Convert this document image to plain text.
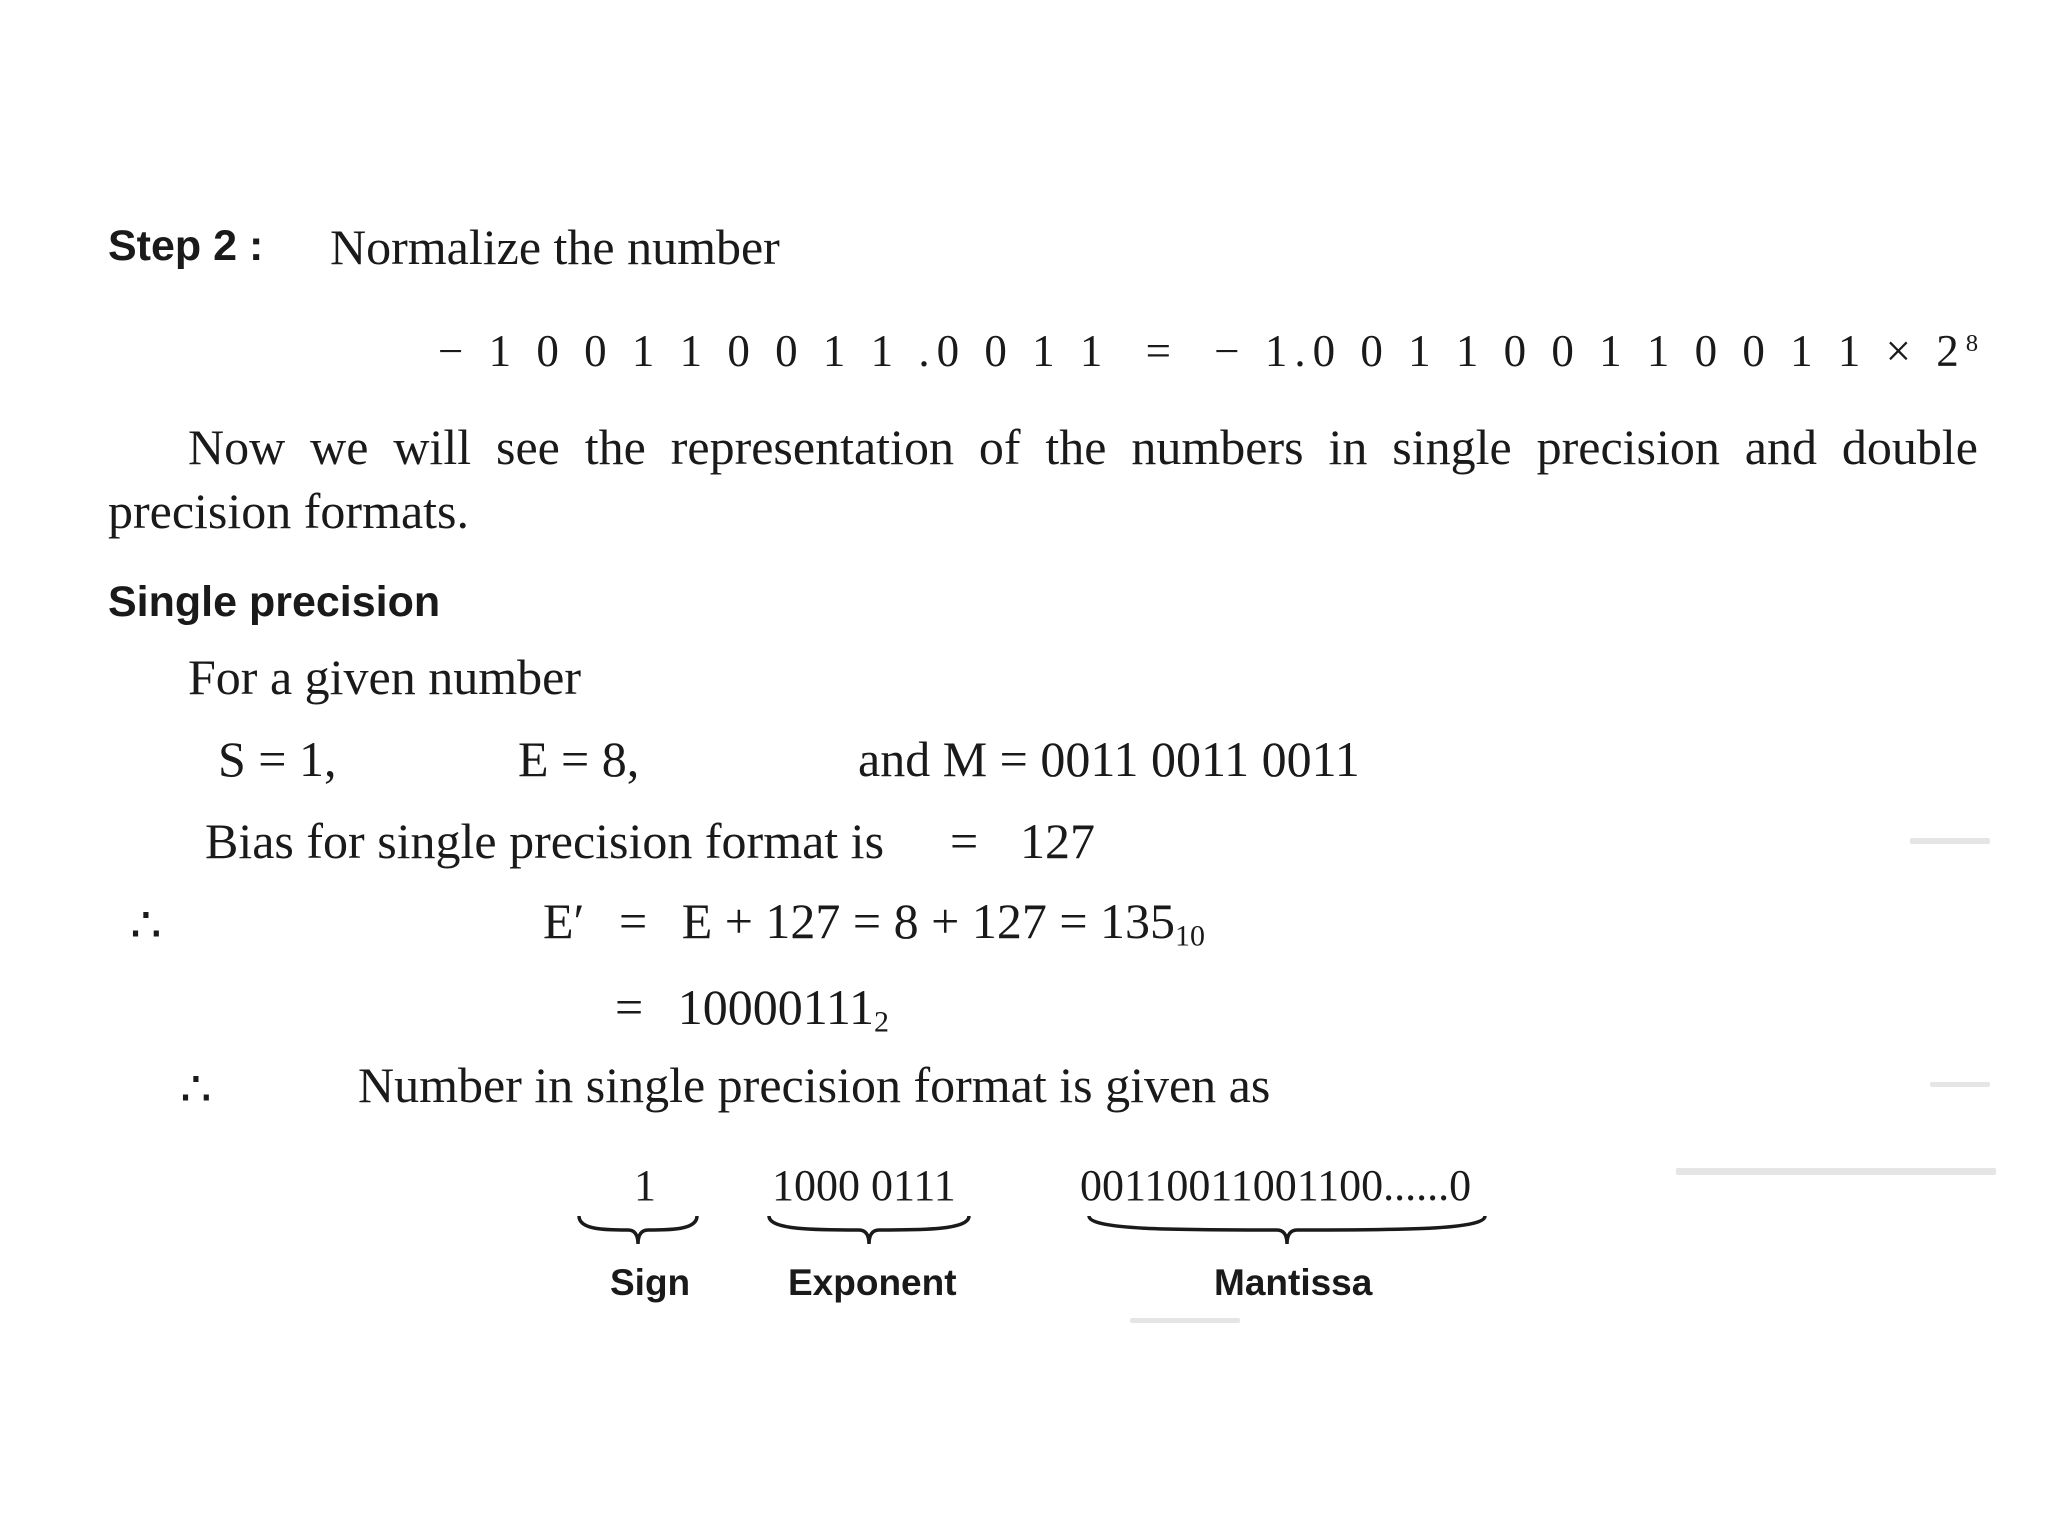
Step 2 : Normalize the number
− 1 0 0 1 1 0 0 1 1 .0 0 1 1 = − 1.0 0 1 1 0 0 1 1 0 0 1 $1 \times 2^8$
Now we will see the representation of the numbers in single precision and double
precision formats.
Single precision
For a given number
S = 1,	E = 8,	and M = 0011 0011 0011
Bias for single precision format is = 127
∴	$E' = E + 127 = 8 + 127 = 135_{10}$
= $10000111_2$
∴	Number in single precision format is given as
1
Sign
1000 0111
Exponent
00110011001100......0
Mantissa
